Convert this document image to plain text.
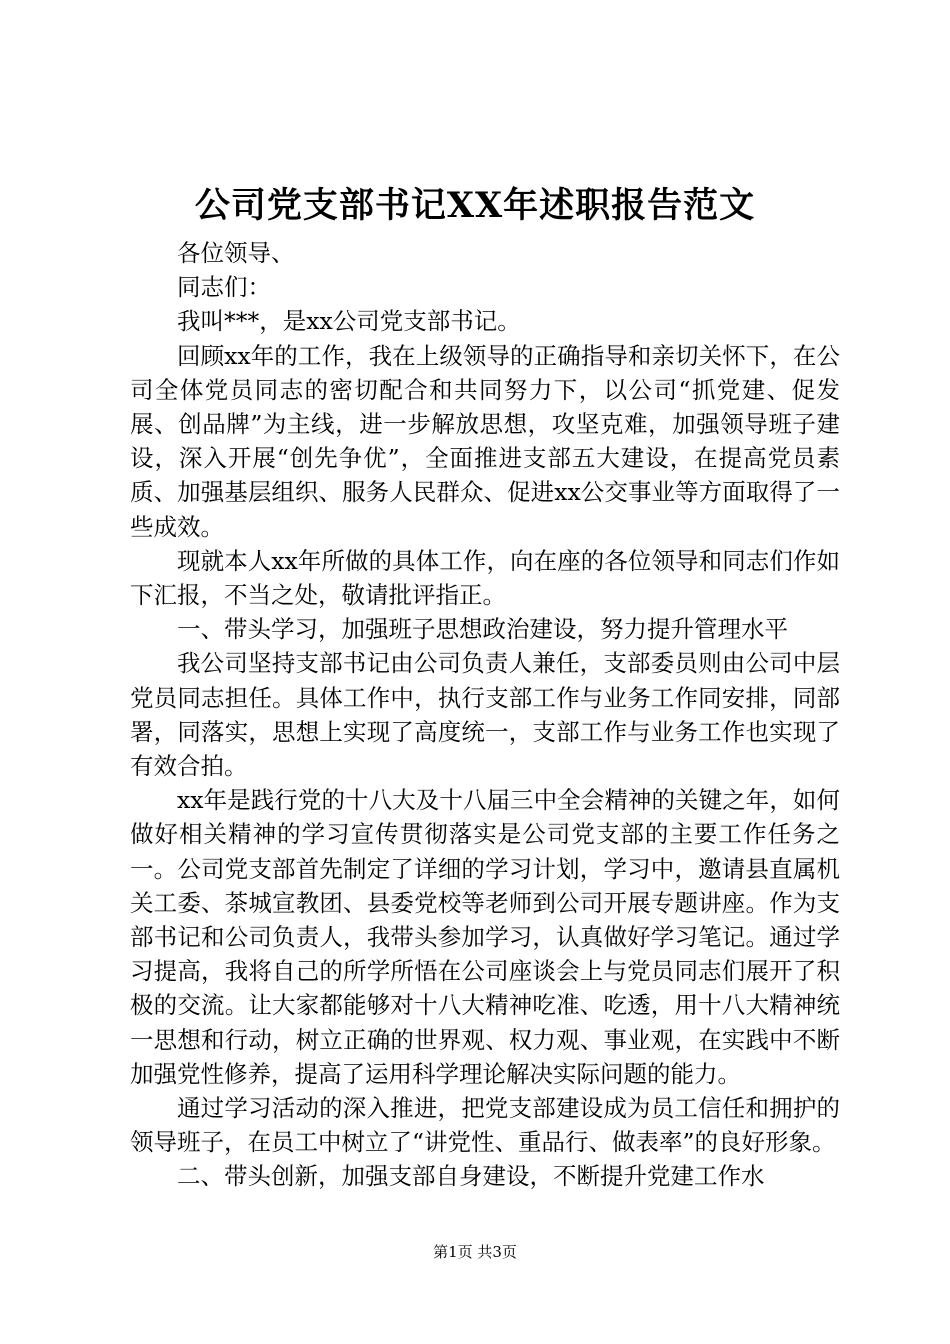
公司党支部书记XX年述职报告范文

各位领导、

同志们：

我叫***，是xx公司党支部书记。

回顾xx年的工作，我在上级领导的正确指导和亲切关怀下，在公司全体党员同志的密切配合和共同努力下，以公司“抓党建、促发展、创品牌”为主线，进一步解放思想，攻坚克难，加强领导班子建设，深入开展“创先争优”，全面推进支部五大建设，在提高党员素质、加强基层组织、服务人民群众、促进xx公交事业等方面取得了一些成效。

现就本人xx年所做的具体工作，向在座的各位领导和同志们作如下汇报，不当之处，敬请批评指正。

一、带头学习，加强班子思想政治建设，努力提升管理水平

我公司坚持支部书记由公司负责人兼任，支部委员则由公司中层党员同志担任。具体工作中，执行支部工作与业务工作同安排，同部署，同落实，思想上实现了高度统一，支部工作与业务工作也实现了有效合拍。

xx年是践行党的十八大及十八届三中全会精神的关键之年，如何做好相关精神的学习宣传贯彻落实是公司党支部的主要工作任务之一。公司党支部首先制定了详细的学习计划，学习中，邀请县直属机关工委、茶城宣教团、县委党校等老师到公司开展专题讲座。作为支部书记和公司负责人，我带头参加学习，认真做好学习笔记。通过学习提高，我将自己的所学所悟在公司座谈会上与党员同志们展开了积极的交流。让大家都能够对十八大精神吃准、吃透，用十八大精神统一思想和行动，树立正确的世界观、权力观、事业观，在实践中不断加强党性修养，提高了运用科学理论解决实际问题的能力。

通过学习活动的深入推进，把党支部建设成为员工信任和拥护的领导班子，在员工中树立了“讲党性、重品行、做表率”的良好形象。

二、带头创新，加强支部自身建设，不断提升党建工作水

第1页 共3页
